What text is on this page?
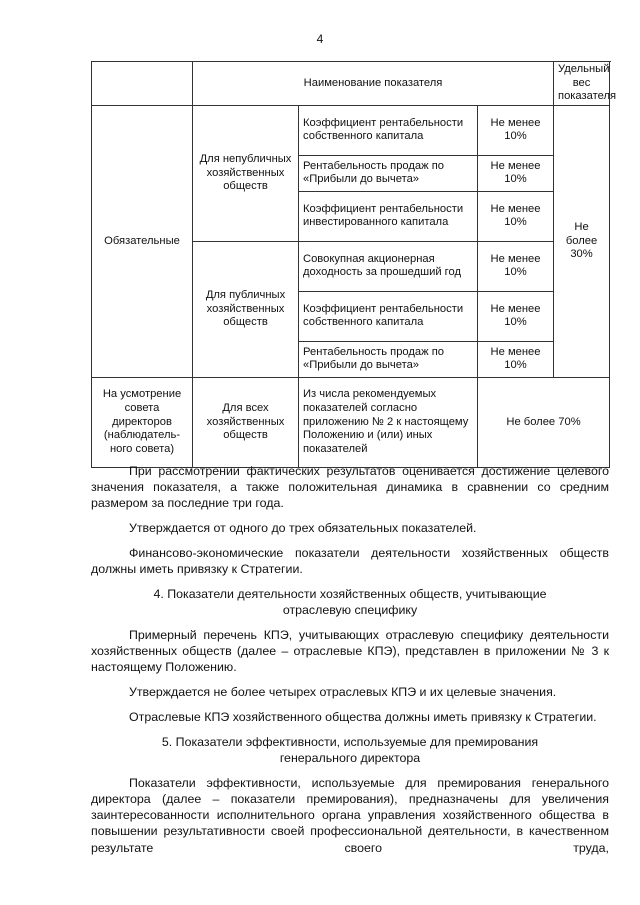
4
	Наименование показателя			Удельный вес показателя
Обязательные	Для непубличных хозяйственных обществ	Коэффициент рентабельности собственного капитала	Не менее 10%	Не более 30%
		Рентабельность продаж по «Прибыли до вычета»	Не менее 10%	
		Коэффициент рентабельности инвестированного капитала	Не менее 10%	
	Для публичных хозяйственных обществ	Совокупная акционерная доходность за прошедший год	Не менее 10%	
		Коэффициент рентабельности собственного капитала	Не менее 10%	
		Рентабельность продаж по «Прибыли до вычета»	Не менее 10%	
На усмотрение совета директоров (наблюдатель-ного совета)	Для всех хозяйственных обществ	Из числа рекомендуемых показателей согласно приложению № 2 к настоящему Положению и (или) иных показателей	Не более 70%	

При рассмотрении фактических результатов оценивается достижение целевого значения показателя, а также положительная динамика в сравнении со средним размером за последние три года.

Утверждается от одного до трех обязательных показателей.

Финансово-экономические показатели деятельности хозяйственных обществ должны иметь привязку к Стратегии.

4. Показатели деятельности хозяйственных обществ, учитывающие отраслевую специфику

Примерный перечень КПЭ, учитывающих отраслевую специфику деятельности хозяйственных обществ (далее – отраслевые КПЭ), представлен в приложении № 3 к настоящему Положению.

Утверждается не более четырех отраслевых КПЭ и их целевые значения.

Отраслевые КПЭ хозяйственного общества должны иметь привязку к Стратегии.

5. Показатели эффективности, используемые для премирования генерального директора

Показатели эффективности, используемые для премирования генерального директора (далее – показатели премирования), предназначены для увеличения заинтересованности исполнительного органа управления хозяйственного общества в повышении результативности своей профессиональной деятельности, в качественном результате своего труда,
